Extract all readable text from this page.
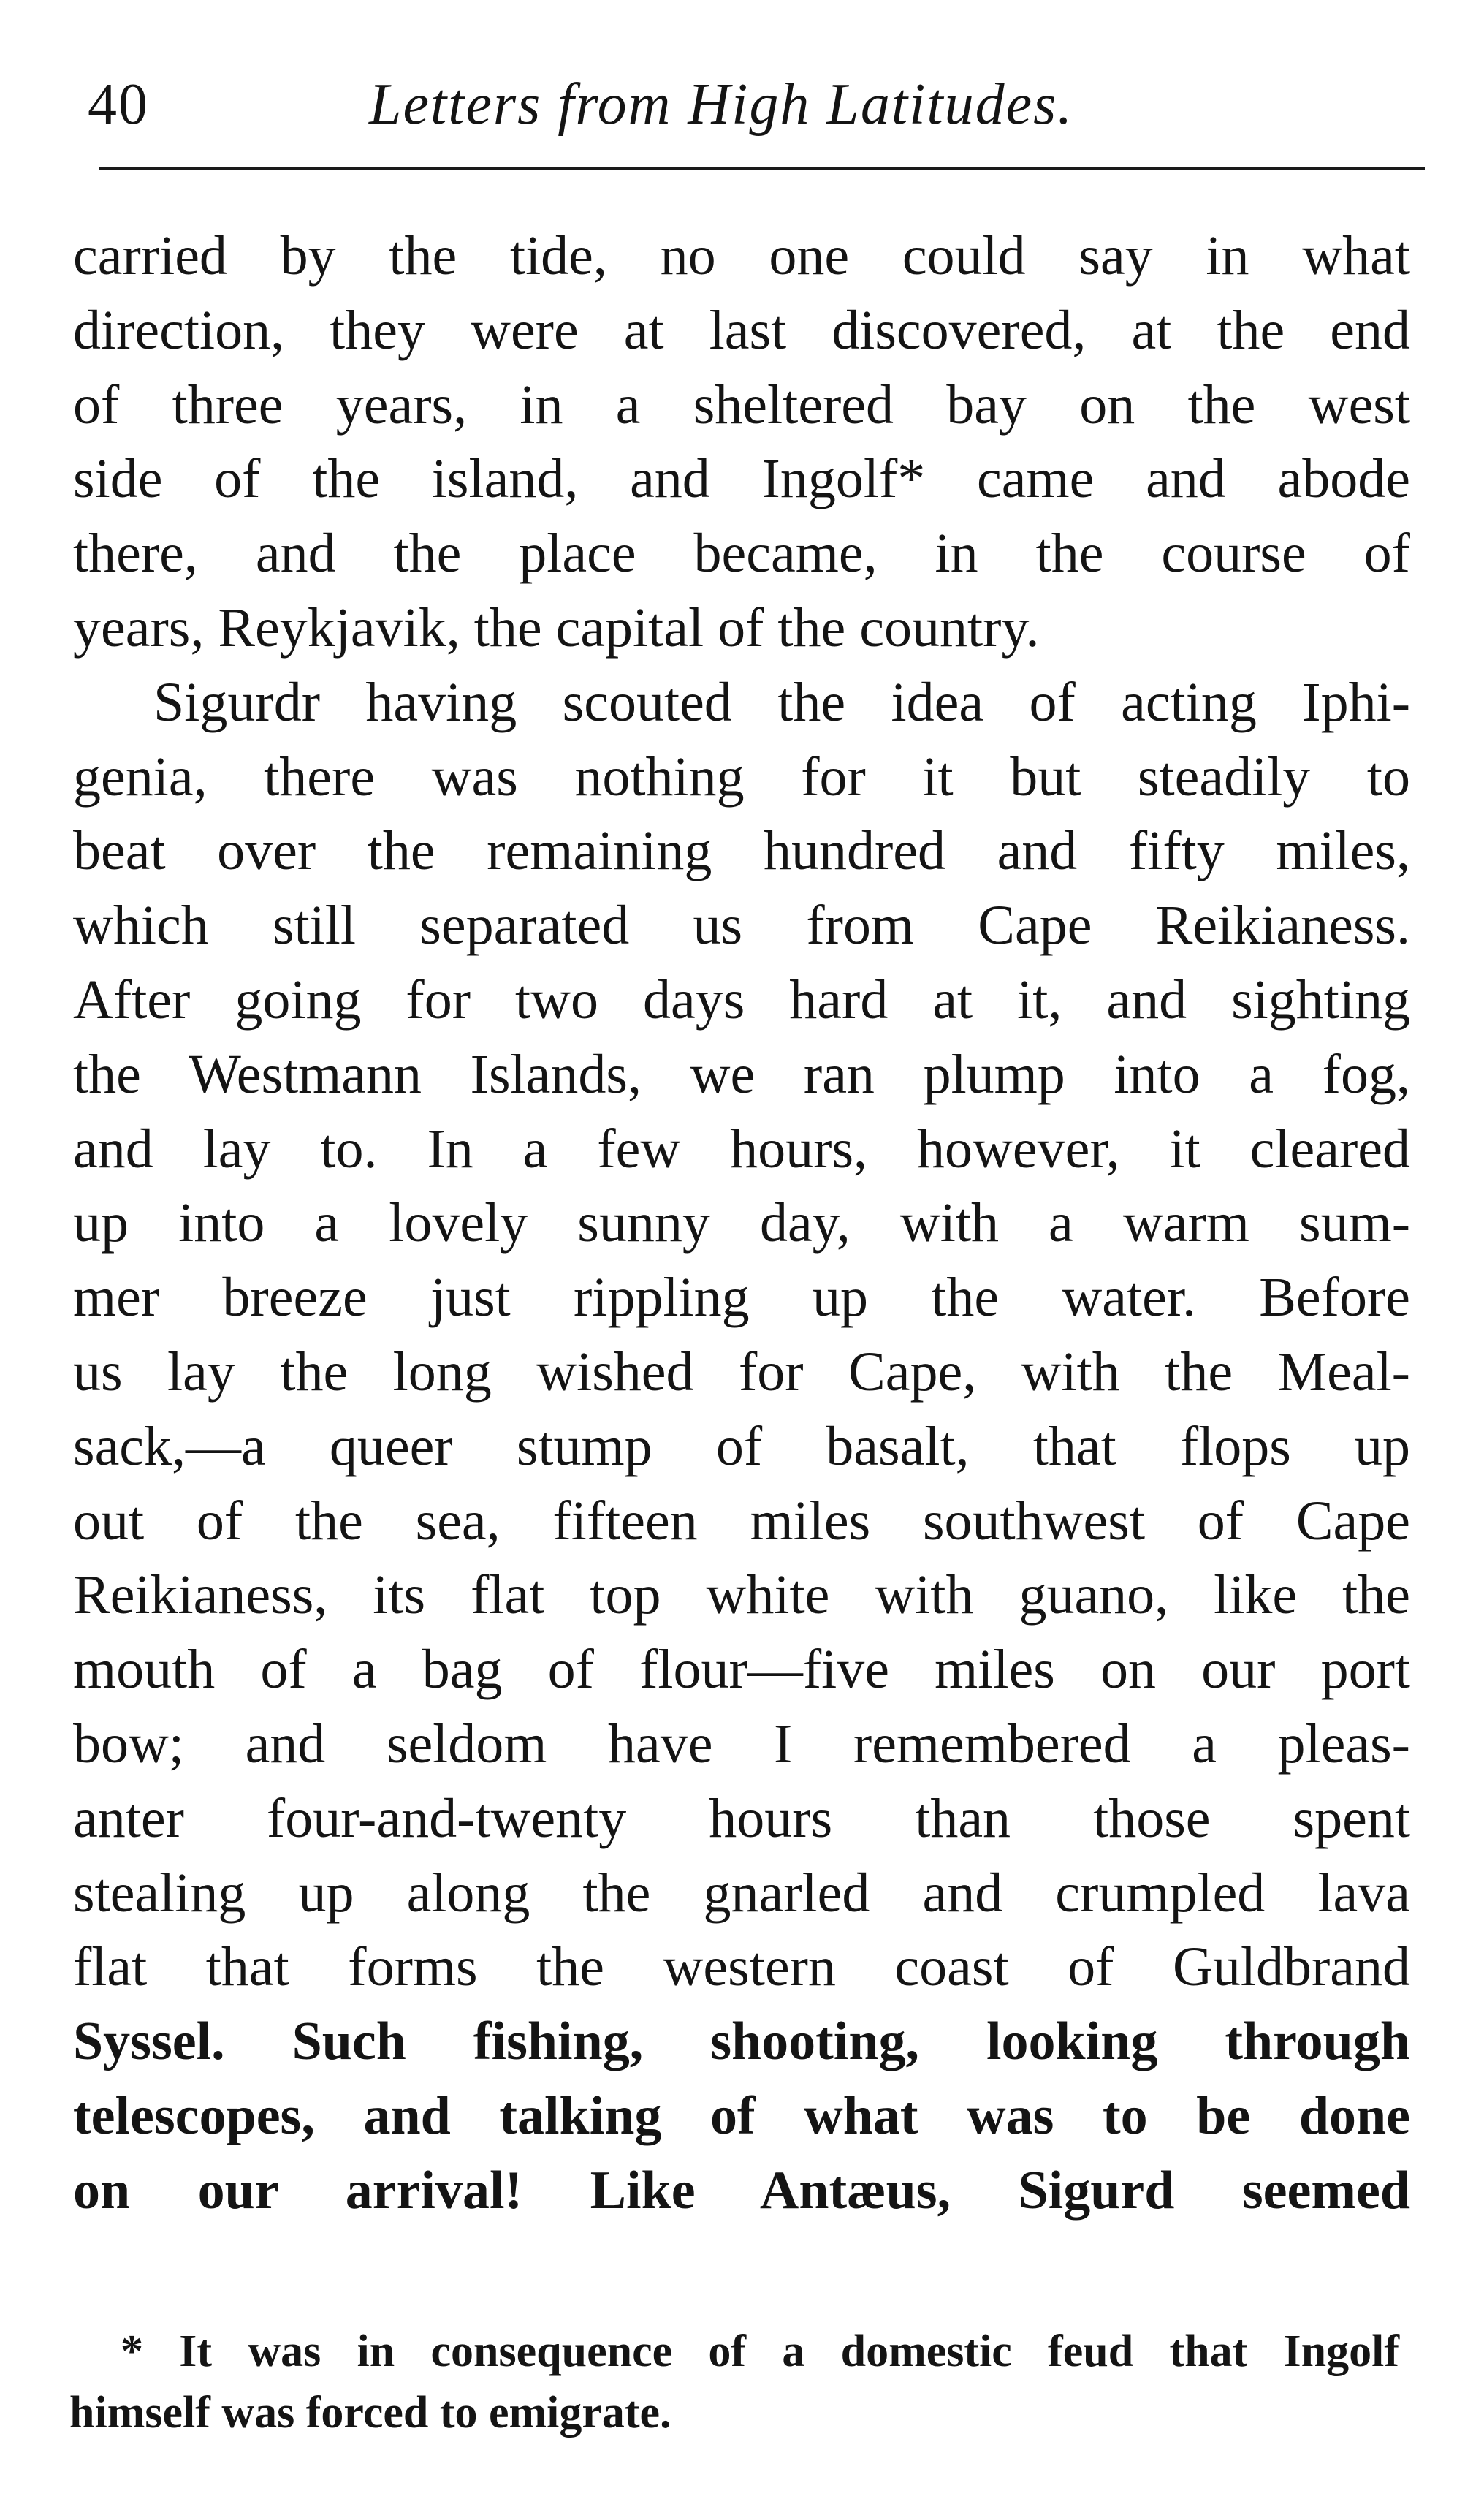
40	Letters from High Latitudes.
carried by the tide, no one could say in what
direction, they were at last discovered, at the end
of three years, in a sheltered bay on the west
side of the island, and Ingolf* came and abode
there, and the place became, in the course of
years, Reykjavik, the capital of the country.
Sigurdr having scouted the idea of acting Iphi-
genia, there was nothing for it but steadily to
beat over the remaining hundred and fifty miles,
which still separated us from Cape Reikianess.
After going for two days hard at it, and sighting
the Westmann Islands, we ran plump into a fog,
and lay to. In a few hours, however, it cleared
up into a lovely sunny day, with a warm sum-
mer breeze just rippling up the water. Before
us lay the long wished for Cape, with the Meal-
sack,—a queer stump of basalt, that flops up
out of the sea, fifteen miles southwest of Cape
Reikianess, its flat top white with guano, like the
mouth of a bag of flour—five miles on our port
bow; and seldom have I remembered a pleas-
anter four-and-twenty hours than those spent
stealing up along the gnarled and crumpled lava
flat that forms the western coast of Guldbrand
Syssel. Such fishing, shooting, looking through
telescopes, and talking of what was to be done
on our arrival! Like Antæus, Sigurd seemed
* It was in consequence of a domestic feud that Ingolf
himself was forced to emigrate.
